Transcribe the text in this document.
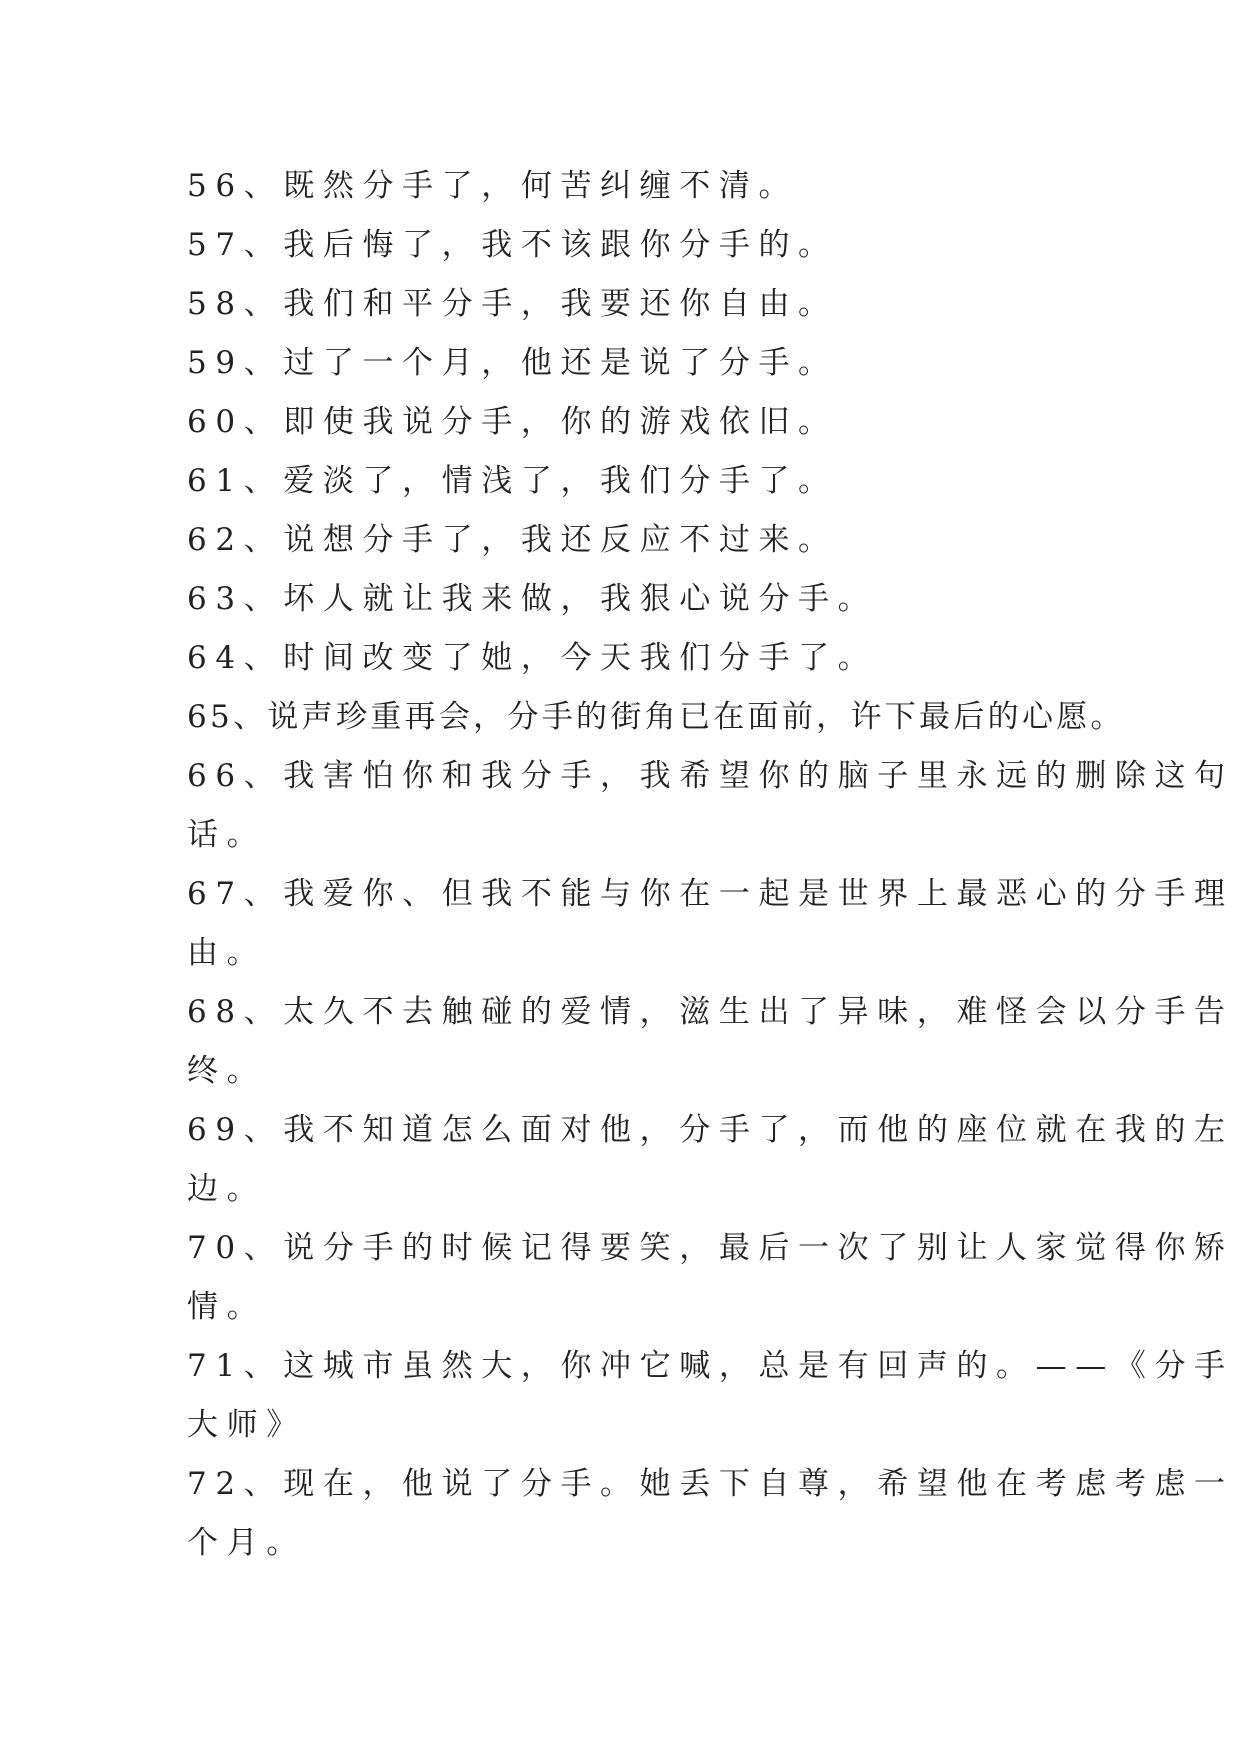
56、既然分手了，何苦纠缠不清。
57、我后悔了，我不该跟你分手的。
58、我们和平分手，我要还你自由。
59、过了一个月，他还是说了分手。
60、即使我说分手，你的游戏依旧。
61、爱淡了，情浅了，我们分手了。
62、说想分手了，我还反应不过来。
63、坏人就让我来做，我狠心说分手。
64、时间改变了她，今天我们分手了。
65、说声珍重再会，分手的街角已在面前，许下最后的心愿。
66、我害怕你和我分手，我希望你的脑子里永远的删除这句
话。
67、我爱你、但我不能与你在一起是世界上最恶心的分手理
由。
68、太久不去触碰的爱情，滋生出了异味，难怪会以分手告
终。
69、我不知道怎么面对他，分手了，而他的座位就在我的左
边。
70、说分手的时候记得要笑，最后一次了别让人家觉得你矫
情。
71、这城市虽然大，你冲它喊，总是有回声的。——《分手
大师》
72、现在，他说了分手。她丢下自尊，希望他在考虑考虑一
个月。
